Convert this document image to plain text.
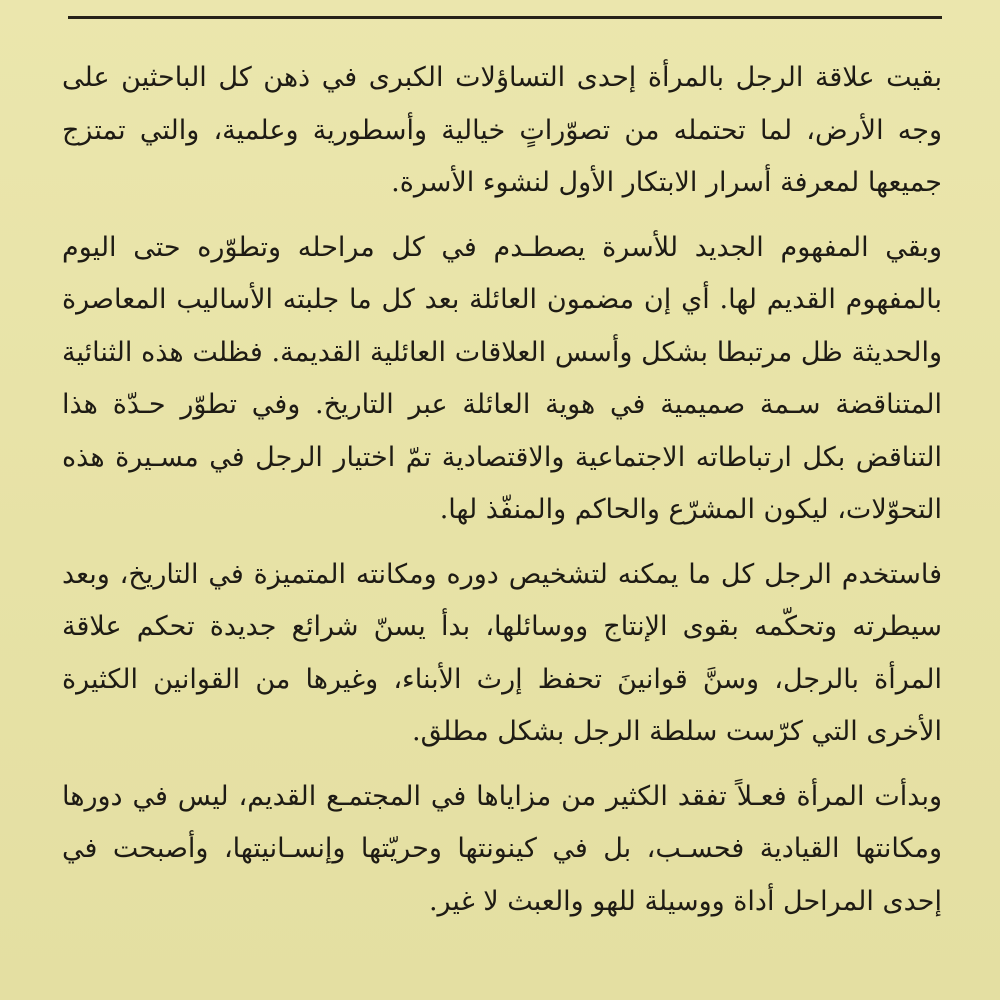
بقيت علاقة الرجل بالمرأة إحدى التساؤلات الكبرى في ذهن كل الباحثين على وجه الأرض، لما تحتمله من تصوّراتٍ خيالية وأسطورية وعلمية، والتي تمتزج جميعها لمعرفة أسرار الابتكار الأول لنشوء الأسرة.

وبقي المفهوم الجديد للأسرة يصطـدم في كل مراحله وتطوّره حتى اليوم بالمفهوم القديم لها. أي إن مضمون العائلة بعد كل ما جلبته الأساليب المعاصرة والحديثة ظل مرتبطا بشكل وأسس العلاقات العائلية القديمة. فظلت هذه الثنائية المتناقضة سـمة صميمية في هوية العائلة عبر التاريخ. وفي تطوّر حـدّة هذا التناقض بكل ارتباطاته الاجتماعية والاقتصادية تمّ اختيار الرجل في مسـيرة هذه التحوّلات، ليكون المشرّع والحاكم والمنفّذ لها.

فاستخدم الرجل كل ما يمكنه لتشخيص دوره ومكانته المتميزة في التاريخ، وبعد سيطرته وتحكّمه بقوى الإنتاج ووسائلها، بدأ يسنّ شرائع جديدة تحكم علاقة المرأة بالرجل، وسنَّ قوانينَ تحفظ إرث الأبناء، وغيرها من القوانين الكثيرة الأخرى التي كرّست سلطة الرجل بشكل مطلق.

وبدأت المرأة فعـلاً تفقد الكثير من مزاياها في المجتمـع القديم، ليس في دورها ومكانتها القيادية فحسـب، بل في كينونتها وحريّتها وإنسـانيتها، وأصبحت في إحدى المراحل أداة ووسيلة للهو والعبث لا غير.
